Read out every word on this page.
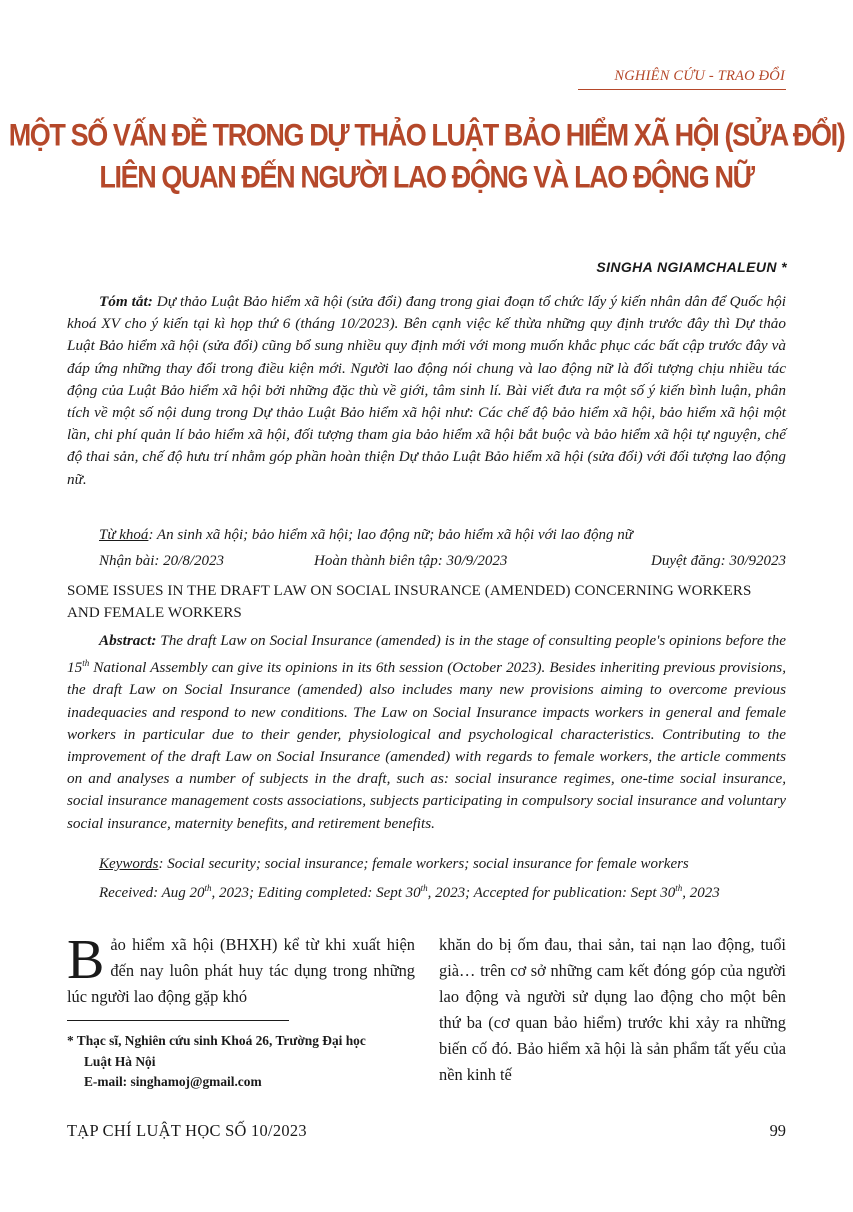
NGHIÊN CỨU - TRAO ĐỔI
MỘT SỐ VẤN ĐỀ TRONG DỰ THẢO LUẬT BẢO HIỂM XÃ HỘI (SỬA ĐỔI)
LIÊN QUAN ĐẾN NGƯỜI LAO ĐỘNG VÀ LAO ĐỘNG NỮ
SINGHA NGIAMCHALEUN *
Tóm tắt: Dự thảo Luật Bảo hiểm xã hội (sửa đổi) đang trong giai đoạn tổ chức lấy ý kiến nhân dân để Quốc hội khoá XV cho ý kiến tại kì họp thứ 6 (tháng 10/2023). Bên cạnh việc kế thừa những quy định trước đây thì Dự thảo Luật Bảo hiểm xã hội (sửa đổi) cũng bổ sung nhiều quy định mới với mong muốn khắc phục các bất cập trước đây và đáp ứng những thay đổi trong điều kiện mới. Người lao động nói chung và lao động nữ là đối tượng chịu nhiều tác động của Luật Bảo hiểm xã hội bởi những đặc thù về giới, tâm sinh lí. Bài viết đưa ra một số ý kiến bình luận, phân tích về một số nội dung trong Dự thảo Luật Bảo hiểm xã hội như: Các chế độ bảo hiểm xã hội, bảo hiểm xã hội một lần, chi phí quản lí bảo hiểm xã hội, đối tượng tham gia bảo hiểm xã hội bắt buộc và bảo hiểm xã hội tự nguyện, chế độ thai sản, chế độ hưu trí nhằm góp phần hoàn thiện Dự thảo Luật Bảo hiểm xã hội (sửa đổi) với đối tượng lao động nữ.
Từ khoá: An sinh xã hội; bảo hiểm xã hội; lao động nữ; bảo hiểm xã hội với lao động nữ
Nhận bài: 20/8/2023	Hoàn thành biên tập: 30/9/2023	Duyệt đăng: 30/92023
SOME ISSUES IN THE DRAFT LAW ON SOCIAL INSURANCE (AMENDED) CONCERNING WORKERS AND FEMALE WORKERS
Abstract: The draft Law on Social Insurance (amended) is in the stage of consulting people's opinions before the 15th National Assembly can give its opinions in its 6th session (October 2023). Besides inheriting previous provisions, the draft Law on Social Insurance (amended) also includes many new provisions aiming to overcome previous inadequacies and respond to new conditions. The Law on Social Insurance impacts workers in general and female workers in particular due to their gender, physiological and psychological characteristics. Contributing to the improvement of the draft Law on Social Insurance (amended) with regards to female workers, the article comments on and analyses a number of subjects in the draft, such as: social insurance regimes, one-time social insurance, social insurance management costs associations, subjects participating in compulsory social insurance and voluntary social insurance, maternity benefits, and retirement benefits.
Keywords: Social security; social insurance; female workers; social insurance for female workers
Received: Aug 20th, 2023; Editing completed: Sept 30th, 2023; Accepted for publication: Sept 30th, 2023
Bảo hiểm xã hội (BHXH) kể từ khi xuất hiện đến nay luôn phát huy tác dụng trong những lúc người lao động gặp khó
khăn do bị ốm đau, thai sản, tai nạn lao động, tuổi già… trên cơ sở những cam kết đóng góp của người lao động và người sử dụng lao động cho một bên thứ ba (cơ quan bảo hiểm) trước khi xảy ra những biến cố đó. Bảo hiểm xã hội là sản phẩm tất yếu của nền kinh tế
* Thạc sĩ, Nghiên cứu sinh Khoá 26, Trường Đại học
Luật Hà Nội
E-mail: singhamoj@gmail.com
TẠP CHÍ LUẬT HỌC SỐ 10/2023	99
